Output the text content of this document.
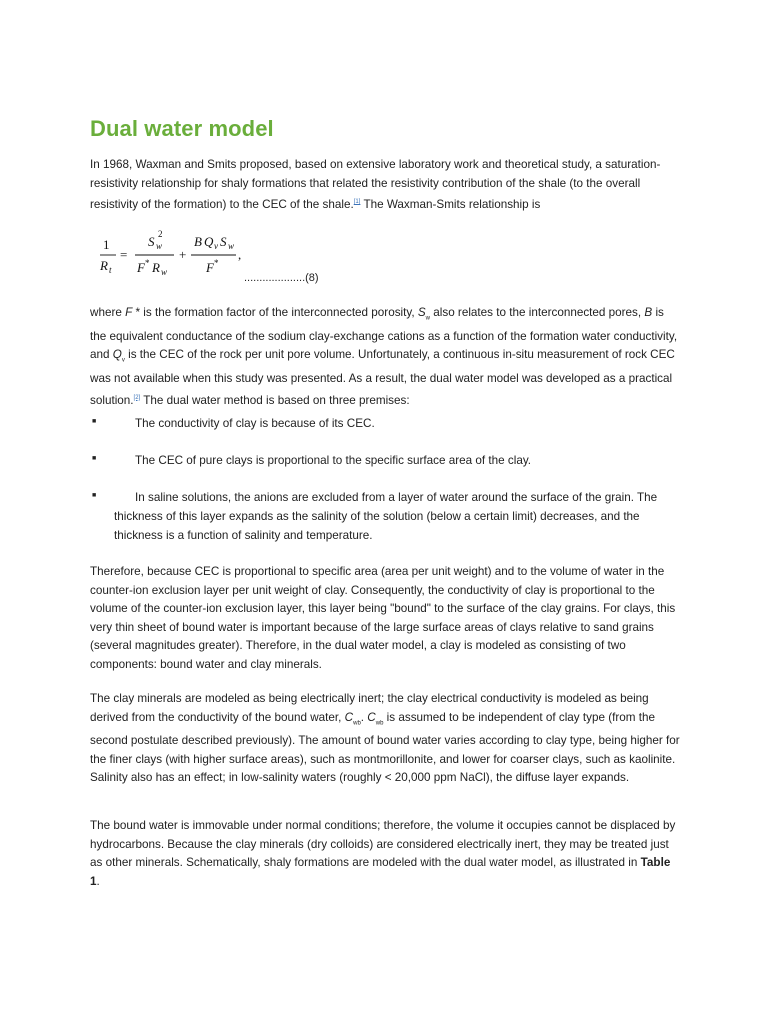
Dual water model

In 1968, Waxman and Smits proposed, based on extensive laboratory work and theoretical study, a saturation-resistivity relationship for shaly formations that related the resistivity contribution of the shale (to the overall resistivity of the formation) to the CEC of the shale.[1] The Waxman-Smits relationship is

1
R t
=
S 2
w
F * R w
+
B Q v S w
F *
,
....................(8)

where F * is the formation factor of the interconnected porosity, $S_w$ also relates to the interconnected pores, B is the equivalent conductance of the sodium clay-exchange cations as a function of the formation water conductivity, and $Q_v$ is the CEC of the rock per unit pore volume. Unfortunately, a continuous in-situ measurement of rock CEC was not available when this study was presented. As a result, the dual water model was developed as a practical solution.[2] The dual water method is based on three premises:

■	The conductivity of clay is because of its CEC.

■	The CEC of pure clays is proportional to the specific surface area of the clay.

■	In saline solutions, the anions are excluded from a layer of water around the surface of the grain. The thickness of this layer expands as the salinity of the solution (below a certain limit) decreases, and the thickness is a function of salinity and temperature.

Therefore, because CEC is proportional to specific area (area per unit weight) and to the volume of water in the counter-ion exclusion layer per unit weight of clay. Consequently, the conductivity of clay is proportional to the volume of the counter-ion exclusion layer, this layer being "bound" to the surface of the clay grains. For clays, this very thin sheet of bound water is important because of the large surface areas of clays relative to sand grains (several magnitudes greater). Therefore, in the dual water model, a clay is modeled as consisting of two components: bound water and clay minerals.

The clay minerals are modeled as being electrically inert; the clay electrical conductivity is modeled as being derived from the conductivity of the bound water, $C_{wb}$. $C_{wb}$ is assumed to be independent of clay type (from the second postulate described previously). The amount of bound water varies according to clay type, being higher for the finer clays (with higher surface areas), such as montmorillonite, and lower for coarser clays, such as kaolinite. Salinity also has an effect; in low-salinity waters (roughly < 20,000 ppm NaCl), the diffuse layer expands.

The bound water is immovable under normal conditions; therefore, the volume it occupies cannot be displaced by hydrocarbons. Because the clay minerals (dry colloids) are considered electrically inert, they may be treated just as other minerals. Schematically, shaly formations are modeled with the dual water model, as illustrated in Table 1.
